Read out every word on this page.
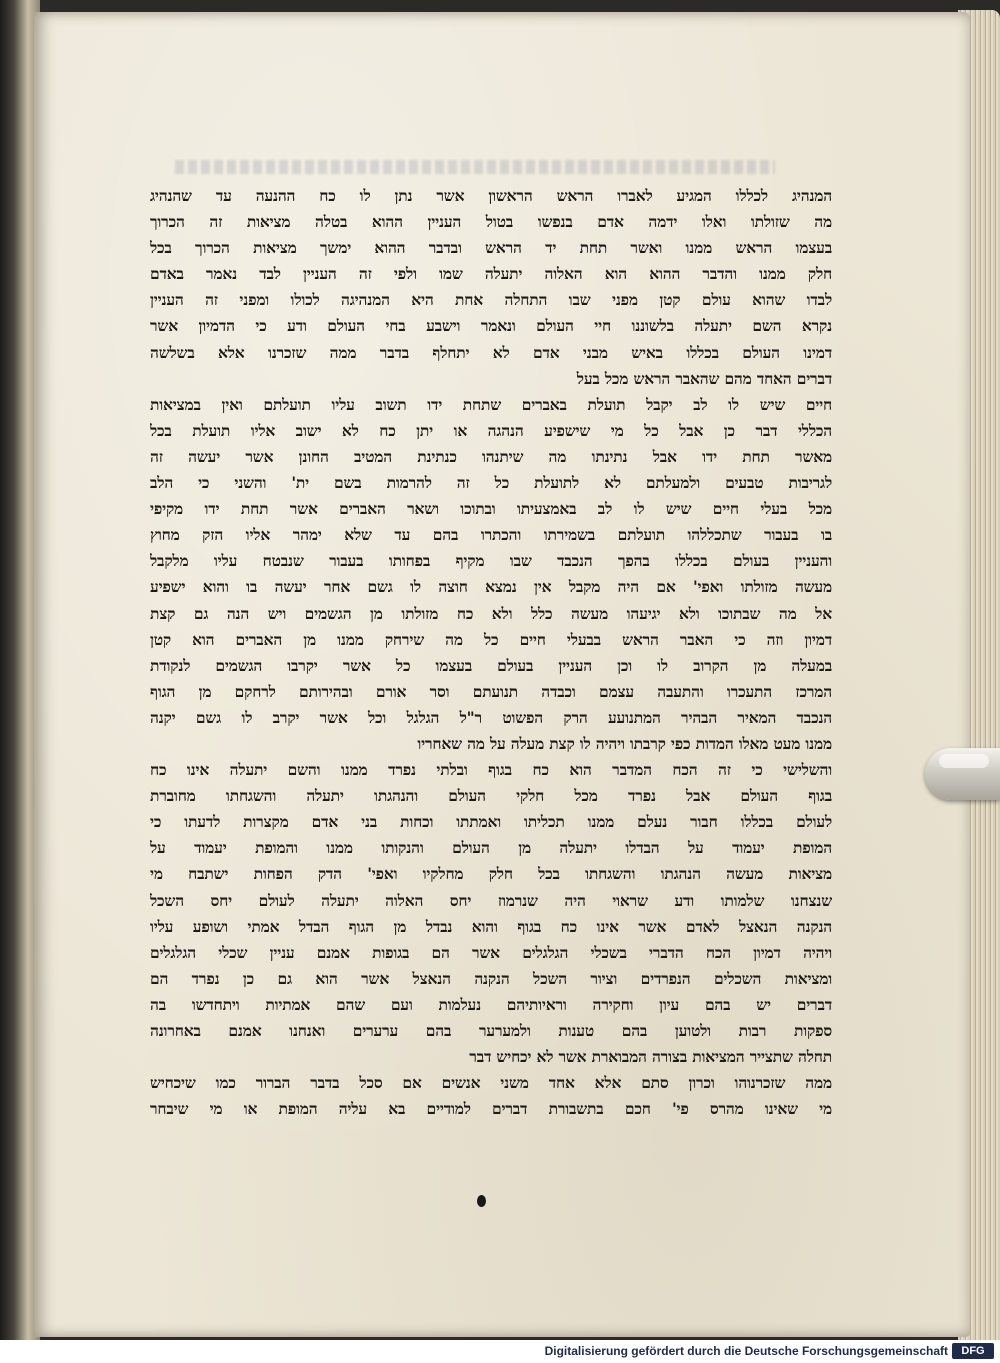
המנהיג לכללו המגיע לאברו הראש הראשון אשר נתן לו כח ההנעה עד שהנהיג
מה שזולתו ואלו ידמה אדם בנפשו בטול העניין ההוא בטלה מציאות זה הכרוך
בעצמו הראש ממנו ואשר תחת יד הראש ובדבר ההוא ימשך מציאות הכרוך בכל
חלק ממנו והדבר ההוא הוא האלוה יתעלה שמו ולפי זה העניין לבד נאמר באדם
לבדו שהוא עולם קטן מפני שבו התחלה אחת היא המנהיגה לכולו ומפני זה העניין
נקרא השם יתעלה בלשוננו חיי העולם ונאמר וישבע בחי העולם ודע כי הדמיון אשר
דמינו העולם בכללו באיש מבני אדם לא יתחלף בדבר ממה שזכרנו אלא בשלשה
דברים האחד מהם שהאבר הראש מכל בעל
חיים שיש לו לב יקבל תועלת באברים שתחת ידו תשוב עליו תועלתם ואין במציאות
הכללי דבר כן אבל כל מי שישפיע הנהגה או יתן כח לא ישוב אליו תועלת בכל
מאשר תחת ידו אבל נתינתו מה שיתנהו כנתינת המטיב החונן אשר יעשה זה
לגריבות טבעים ולמעלתם לא לתועלת כל זה להרמות בשם ית' והשני כי הלב
מכל בעלי חיים שיש לו לב באמצעיתו ובתוכו ושאר האברים אשר תחת ידו מקיפי
בו בעבור שתכללהו תועלתם בשמירתו והכתרו בהם עד שלא ימהר אליו הזק מחוץ
והעניין בעולם בכללו בהפך הנכבד שבו מקיף בפחותו בעבור שנבטח עליו מלקבל
מעשה מזולתו ואפי' אם היה מקבל אין נמצא חוצה לו גשם אחר יעשה בו והוא ישפיע
אל מה שבתוכו ולא יגיעהו מעשה כלל ולא כח מזולתו מן הגשמים ויש הנה גם קצת
דמיון וזה כי האבר הראש בבעלי חיים כל מה שירחק ממנו מן האברים הוא קטן
במעלה מן הקרוב לו וכן העניין בעולם בעצמו כל אשר יקרבו הגשמים לנקודת
המרכז התעכרו והתעבה עצמם וכבדה תנועתם וסר אורם ובהירותם לרחקם מן הגוף
הנכבד המאיר הבהיר המתנועע הרק הפשוט ר"ל הגלגל וכל אשר יקרב לו גשם יקנה
ממנו מעט מאלו המדות כפי קרבתו ויהיה לו קצת מעלה על מה שאחריו
והשלישי כי זה הכח המדבר הוא כח בגוף ובלתי נפרד ממנו והשם יתעלה אינו כח
בגוף העולם אבל נפרד מכל חלקי העולם והנהגתו יתעלה והשגחתו מחוברת
לעולם בכללו חבור נעלם ממנו תכליתו ואמתתו וכחות בני אדם מקצרות לדעתו כי
המופת יעמוד על הבדלו יתעלה מן העולם והנקותו ממנו והמופת יעמוד על
מציאות מעשה הנהגתו והשגחתו בכל חלק מחלקיו ואפי' הדק הפחות ישתבח מי
שנצחנו שלמותו ודע שראוי היה שנרמוז יחס האלוה יתעלה לעולם יחס השכל
הנקנה הנאצל לאדם אשר אינו כח בגוף והוא נבדל מן הגוף הבדל אמתי ושופע עליו
ויהיה דמיון הכח הדברי בשכלי הגלגלים אשר הם בגופות אמנם עניין שכלי הגלגלים
ומציאות השכלים הנפרדים וציור השכל הנקנה הנאצל אשר הוא גם כן נפרד הם
דברים יש בהם עיון וחקירה וראיותיהם נעלמות ועם שהם אמתיות ויתחדשו בה
ספקות רבות ולטוען בהם טענות ולמערער בהם ערערים ואנחנו אמנם באחרונה
תחלה שתצייר המציאות בצורה המבוארת אשר לא יכחיש דבר
ממה שזכרנוהו וכרון סתם אלא אחד משני אנשים אם סכל בדבר הברור כמו שיכחיש
מי שאינו מהרס פי' חכם בתשבורת דברים למודיים בא עליה המופת או מי שיבחר
Digitalisierung gefördert durch die Deutsche Forschungsgemeinschaft	DFG
